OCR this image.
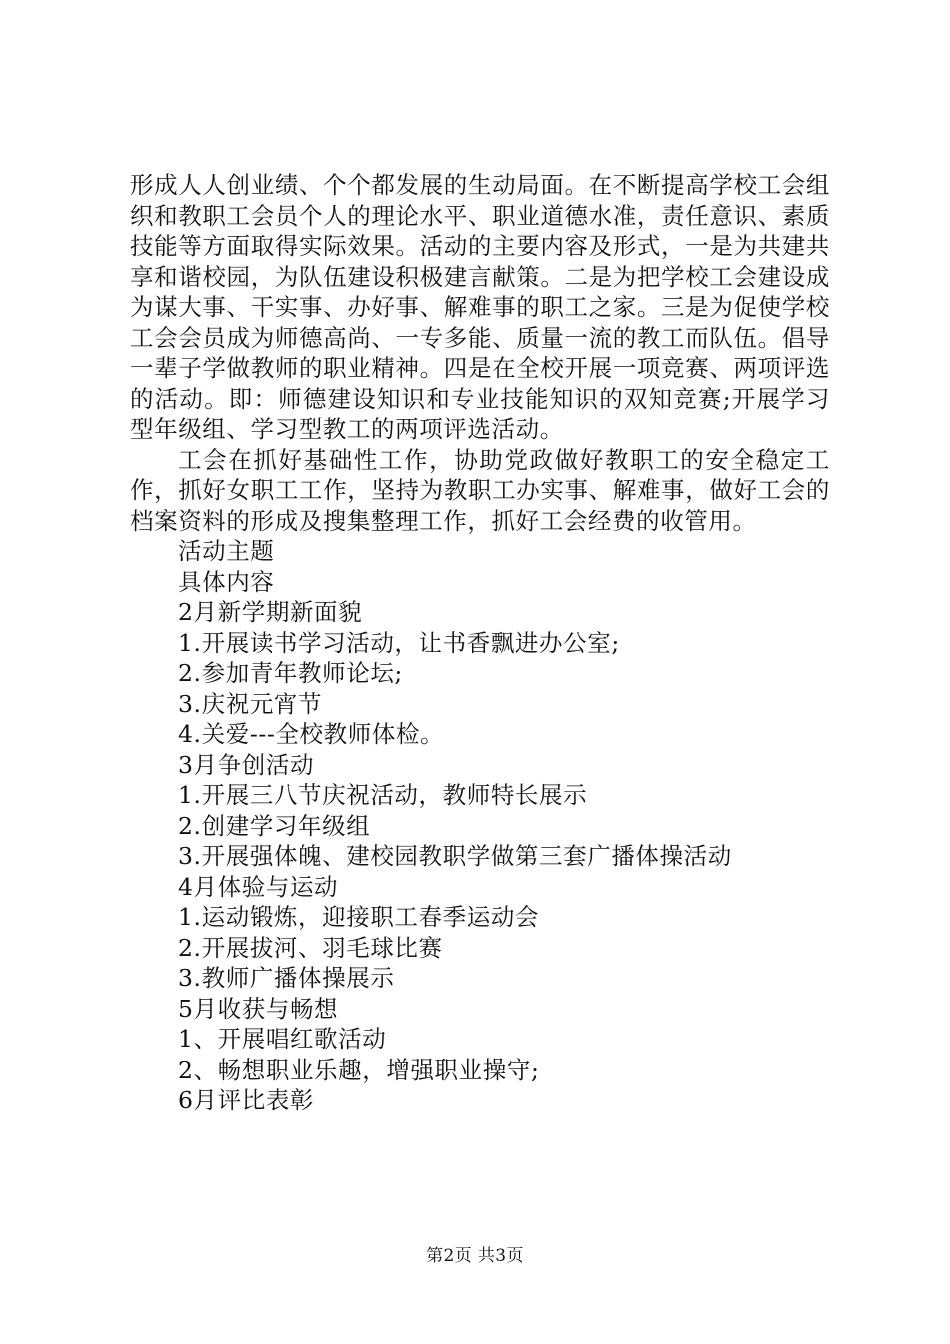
形成人人创业绩、个个都发展的生动局面。在不断提高学校工会组织和教职工会员个人的理论水平、职业道德水准，责任意识、素质技能等方面取得实际效果。活动的主要内容及形式，一是为共建共享和谐校园，为队伍建设积极建言献策。二是为把学校工会建设成为谋大事、干实事、办好事、解难事的职工之家。三是为促使学校工会会员成为师德高尚、一专多能、质量一流的教工而队伍。倡导一辈子学做教师的职业精神。四是在全校开展一项竞赛、两项评选的活动。即：师德建设知识和专业技能知识的双知竞赛;开展学习型年级组、学习型教工的两项评选活动。

工会在抓好基础性工作，协助党政做好教职工的安全稳定工作，抓好女职工工作，坚持为教职工办实事、解难事，做好工会的档案资料的形成及搜集整理工作，抓好工会经费的收管用。

活动主题

具体内容

2月新学期新面貌

1.开展读书学习活动，让书香飘进办公室;

2.参加青年教师论坛;

3.庆祝元宵节

4.关爱---全校教师体检。

3月争创活动

1.开展三八节庆祝活动，教师特长展示

2.创建学习年级组

3.开展强体魄、建校园教职学做第三套广播体操活动

4月体验与运动

1.运动锻炼，迎接职工春季运动会

2.开展拔河、羽毛球比赛

3.教师广播体操展示

5月收获与畅想

1、开展唱红歌活动

2、畅想职业乐趣，增强职业操守;

6月评比表彰

第2页 共3页
